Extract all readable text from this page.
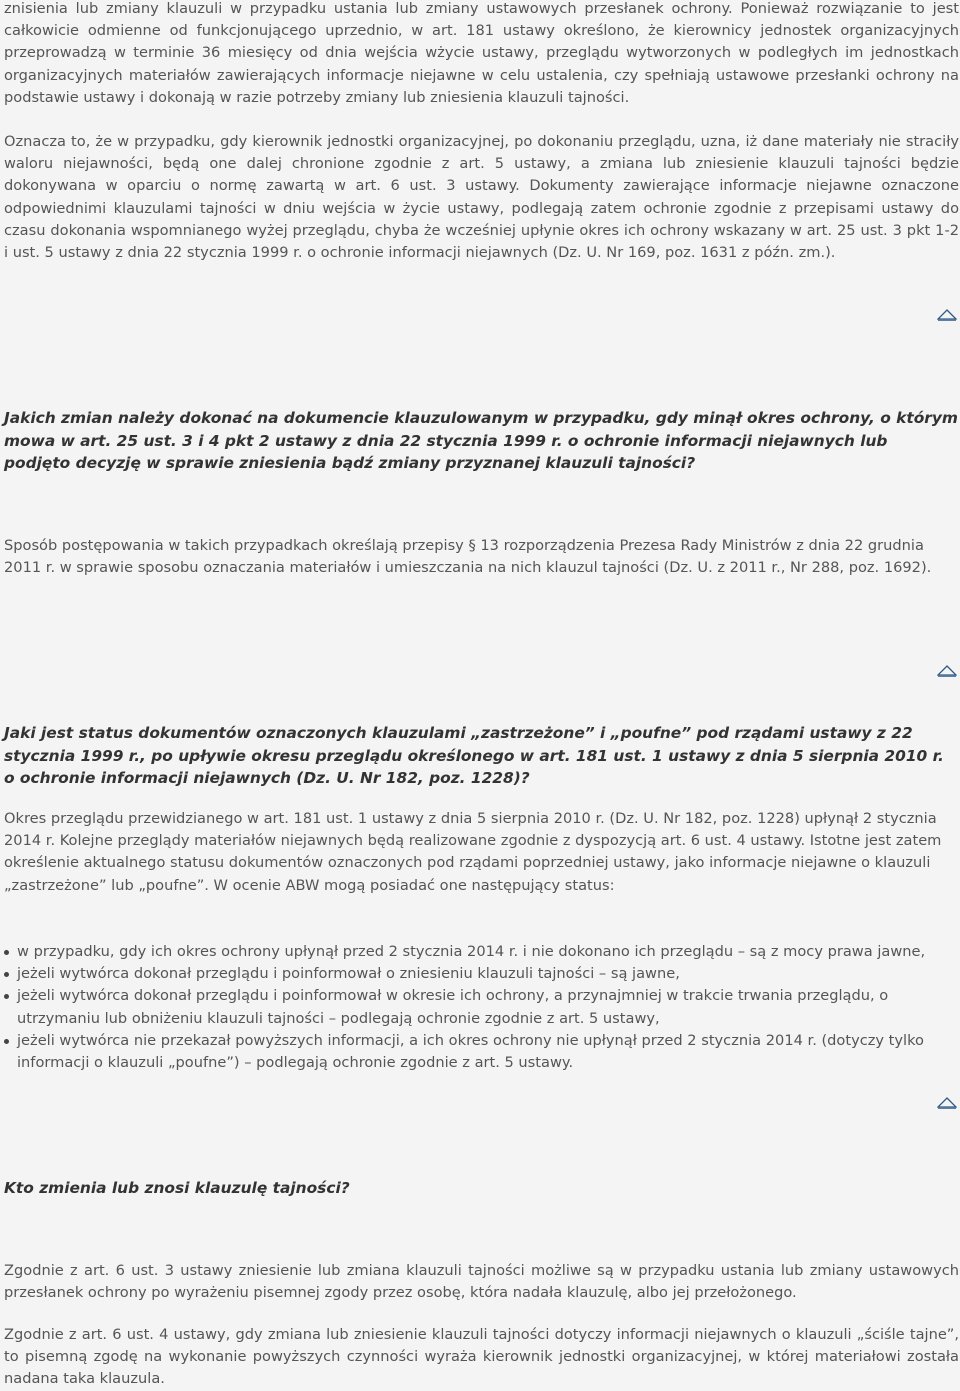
znisienia lub zmiany klauzuli w przypadku ustania lub zmiany ustawowych przesłanek ochrony. Ponieważ rozwiązanie to jest całkowicie odmienne od funkcjonującego uprzednio, w art. 181 ustawy określono, że kierownicy jednostek organizacyjnych przeprowadzą w terminie 36 miesięcy od dnia wejścia wżycie ustawy, przeglądu wytworzonych w podległych im jednostkach organizacyjnych materiałów zawierających informacje niejawne w celu ustalenia, czy spełniają ustawowe przesłanki ochrony na podstawie ustawy i dokonają w razie potrzeby zmiany lub zniesienia klauzuli tajności.

Oznacza to, że w przypadku, gdy kierownik jednostki organizacyjnej, po dokonaniu przeglądu, uzna, iż dane materiały nie straciły waloru niejawności, będą one dalej chronione zgodnie z art. 5 ustawy, a zmiana lub zniesienie klauzuli tajności będzie dokonywana w oparciu o normę zawartą w art. 6 ust. 3 ustawy. Dokumenty zawierające informacje niejawne oznaczone odpowiednimi klauzulami tajności w dniu wejścia w życie ustawy, podlegają zatem ochronie zgodnie z przepisami ustawy do czasu dokonania wspomnianego wyżej przeglądu, chyba że wcześniej upłynie okres ich ochrony wskazany w art. 25 ust. 3 pkt 1-2 i ust. 5 ustawy z dnia 22 stycznia 1999 r. o ochronie informacji niejawnych (Dz. U. Nr 169, poz. 1631 z późn. zm.).

Jakich zmian należy dokonać na dokumencie klauzulowanym w przypadku, gdy minął okres ochrony, o którym mowa w art. 25 ust. 3 i 4 pkt 2 ustawy z dnia 22 stycznia 1999 r. o ochronie informacji niejawnych lub podjęto decyzję w sprawie zniesienia bądź zmiany przyznanej klauzuli tajności?

Sposób postępowania w takich przypadkach określają przepisy § 13 rozporządzenia Prezesa Rady Ministrów z dnia 22 grudnia 2011 r. w sprawie sposobu oznaczania materiałów i umieszczania na nich klauzul tajności (Dz. U. z 2011 r., Nr 288, poz. 1692).

Jaki jest status dokumentów oznaczonych klauzulami „zastrzeżone” i „poufne” pod rządami ustawy z 22 stycznia 1999 r., po upływie okresu przeglądu określonego w art. 181 ust. 1 ustawy z dnia 5 sierpnia 2010 r. o ochronie informacji niejawnych (Dz. U. Nr 182, poz. 1228)?

Okres przeglądu przewidzianego w art. 181 ust. 1 ustawy z dnia 5 sierpnia 2010 r. (Dz. U. Nr 182, poz. 1228) upłynął 2 stycznia 2014 r. Kolejne przeglądy materiałów niejawnych będą realizowane zgodnie z dyspozycją art. 6 ust. 4 ustawy. Istotne jest zatem określenie aktualnego statusu dokumentów oznaczonych pod rządami poprzedniej ustawy, jako informacje niejawne o klauzuli „zastrzeżone” lub „poufne”. W ocenie ABW mogą posiadać one następujący status:

w przypadku, gdy ich okres ochrony upłynął przed 2 stycznia 2014 r. i nie dokonano ich przeglądu – są z mocy prawa jawne,
jeżeli wytwórca dokonał przeglądu i poinformował o zniesieniu klauzuli tajności – są jawne,
jeżeli wytwórca dokonał przeglądu i poinformował w okresie ich ochrony, a przynajmniej w trakcie trwania przeglądu, o utrzymaniu lub obniżeniu klauzuli tajności – podlegają ochronie zgodnie z art. 5 ustawy,
jeżeli wytwórca nie przekazał powyższych informacji, a ich okres ochrony nie upłynął przed 2 stycznia 2014 r. (dotyczy tylko informacji o klauzuli „poufne”) – podlegają ochronie zgodnie z art. 5 ustawy.

Kto zmienia lub znosi klauzulę tajności?

Zgodnie z art. 6 ust. 3 ustawy zniesienie lub zmiana klauzuli tajności możliwe są w przypadku ustania lub zmiany ustawowych przesłanek ochrony po wyrażeniu pisemnej zgody przez osobę, która nadała klauzulę, albo jej przełożonego.

Zgodnie z art. 6 ust. 4 ustawy, gdy zmiana lub zniesienie klauzuli tajności dotyczy informacji niejawnych o klauzuli „ściśle tajne”, to pisemną zgodę na wykonanie powyższych czynności wyraża kierownik jednostki organizacyjnej, w której materiałowi została nadana taka klauzula.
